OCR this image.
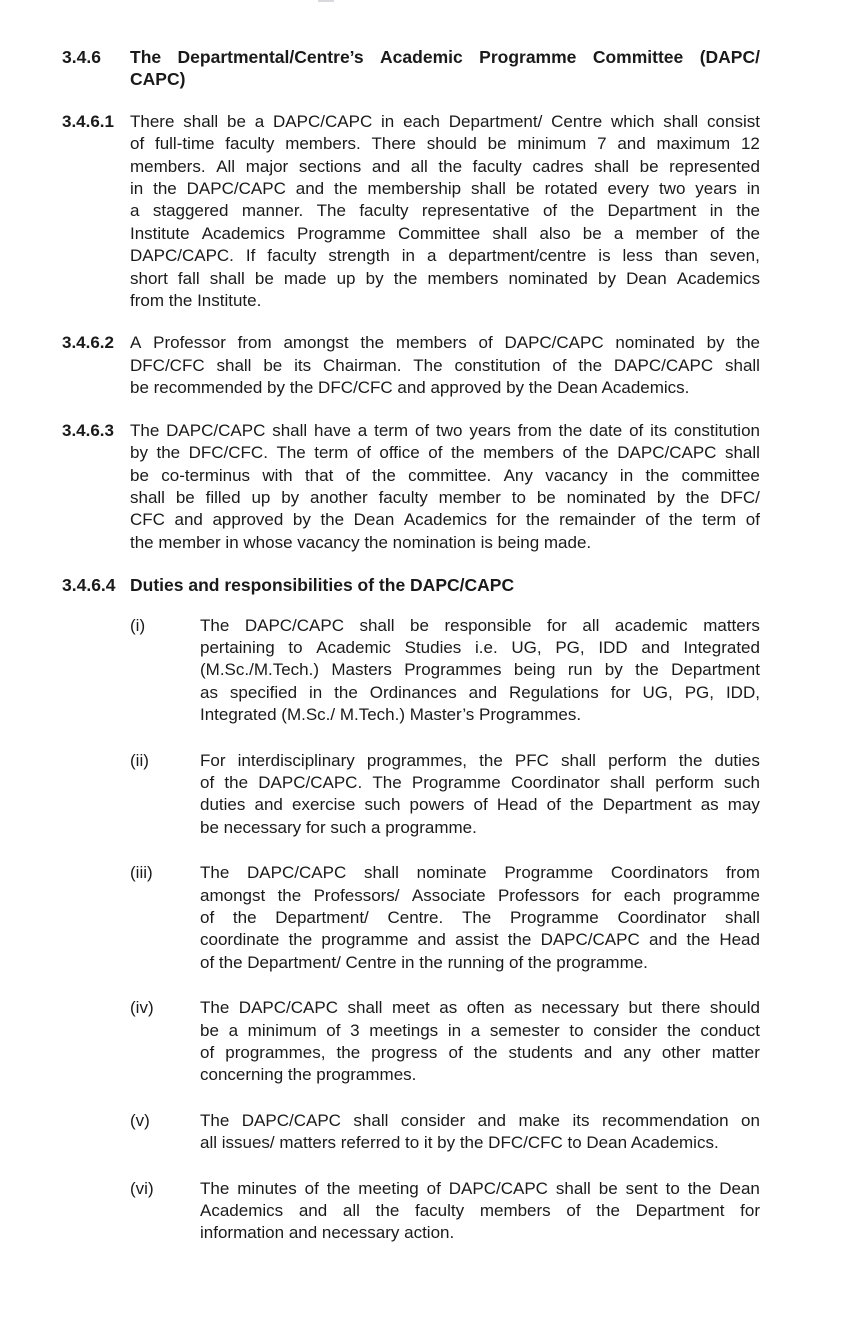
3.4.6	The Departmental/Centre’s Academic Programme Committee (DAPC/
CAPC)
3.4.6.1 There shall be a DAPC/CAPC in each Department/ Centre which shall consist
of full-time faculty members. There should be minimum 7 and maximum 12
members. All major sections and all the faculty cadres shall be represented
in the DAPC/CAPC and the membership shall be rotated every two years in
a staggered manner. The faculty representative of the Department in the
Institute Academics Programme Committee shall also be a member of the
DAPC/CAPC. If faculty strength in a department/centre is less than seven,
short fall shall be made up by the members nominated by Dean Academics
from the Institute.
3.4.6.2 A Professor from amongst the members of DAPC/CAPC nominated by the
DFC/CFC shall be its Chairman. The constitution of the DAPC/CAPC shall
be recommended by the DFC/CFC and approved by the Dean Academics.
3.4.6.3 The DAPC/CAPC shall have a term of two years from the date of its constitution
by the DFC/CFC. The term of office of the members of the DAPC/CAPC shall
be co-terminus with that of the committee. Any vacancy in the committee
shall be filled up by another faculty member to be nominated by the DFC/
CFC and approved by the Dean Academics for the remainder of the term of
the member in whose vacancy the nomination is being made.
3.4.6.4 Duties and responsibilities of the DAPC/CAPC
(i)	The DAPC/CAPC shall be responsible for all academic matters
pertaining to Academic Studies i.e. UG, PG, IDD and Integrated
(M.Sc./M.Tech.) Masters Programmes being run by the Department
as specified in the Ordinances and Regulations for UG, PG, IDD,
Integrated (M.Sc./ M.Tech.) Master’s Programmes.
(ii)	For interdisciplinary programmes, the PFC shall perform the duties
of the DAPC/CAPC. The Programme Coordinator shall perform such
duties and exercise such powers of Head of the Department as may
be necessary for such a programme.
(iii)	The DAPC/CAPC shall nominate Programme Coordinators from
amongst the Professors/ Associate Professors for each programme
of the Department/ Centre. The Programme Coordinator shall
coordinate the programme and assist the DAPC/CAPC and the Head
of the Department/ Centre in the running of the programme.
(iv)	The DAPC/CAPC shall meet as often as necessary but there should
be a minimum of 3 meetings in a semester to consider the conduct
of programmes, the progress of the students and any other matter
concerning the programmes.
(v)	The DAPC/CAPC shall consider and make its recommendation on
all issues/ matters referred to it by the DFC/CFC to Dean Academics.
(vi)	The minutes of the meeting of DAPC/CAPC shall be sent to the Dean
Academics and all the faculty members of the Department for
information and necessary action.
